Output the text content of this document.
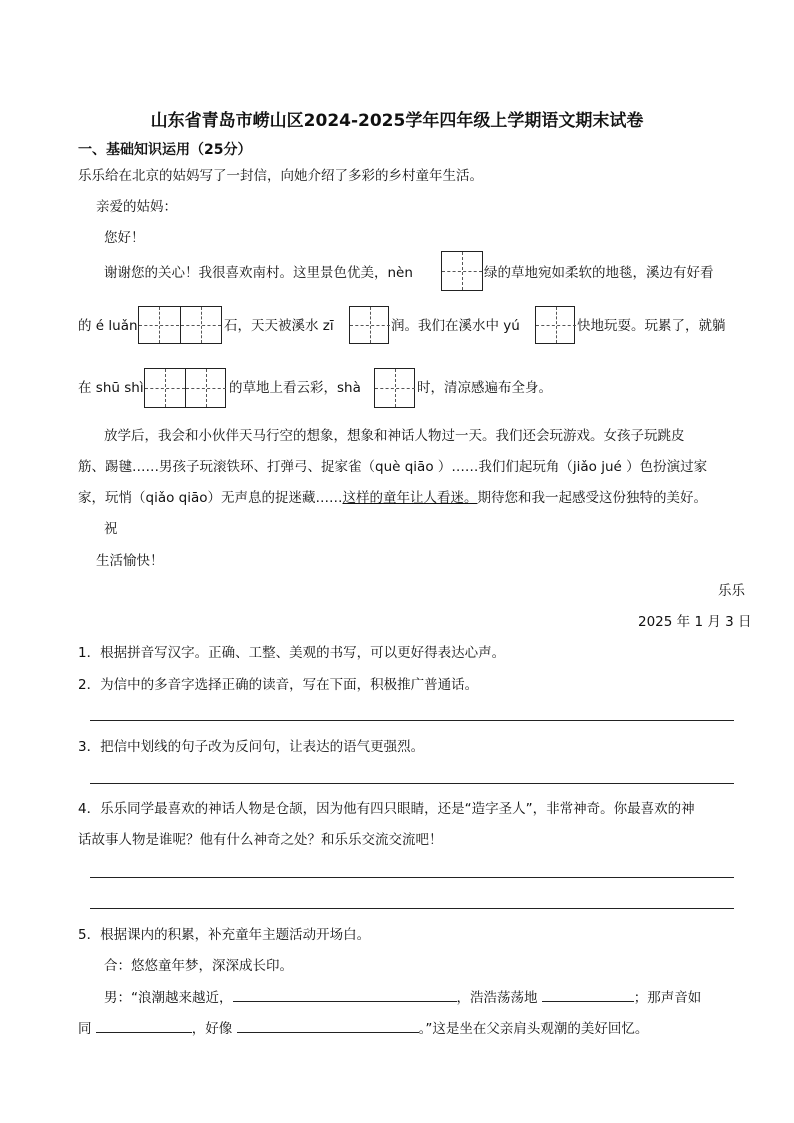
山东省青岛市崂山区2024-2025学年四年级上学期语文期末试卷
一、基础知识运用（25分）
乐乐给在北京的姑妈写了一封信，向她介绍了多彩的乡村童年生活。
亲爱的姑妈：
您好！
谢谢您的关心！我很喜欢南村。这里景色优美，nèn	绿的草地宛如柔软的地毯，溪边有好看
的 é luǎn	石，天天被溪水 zī	润。我们在溪水中 yú	快地玩耍。玩累了，就躺
在 shū shì	的草地上看云彩，shà	时，清凉感遍布全身。
放学后，我会和小伙伴天马行空的想象，想象和神话人物过一天。我们还会玩游戏。女孩子玩跳皮
筋、踢毽……男孩子玩滚铁环、打弹弓、捉家雀（què qiāo ）……我们们起玩角（jiǎo jué ）色扮演过家
家，玩悄（qiǎo qiāo）无声息的捉迷藏……这样的童年让人看迷。期待您和我一起感受这份独特的美好。
祝
生活愉快！
乐乐
2025 年 1 月 3 日
1．根据拼音写汉字。正确、工整、美观的书写，可以更好得表达心声。
2．为信中的多音字选择正确的读音，写在下面，积极推广普通话。
3．把信中划线的句子改为反问句，让表达的语气更强烈。
4．乐乐同学最喜欢的神话人物是仓颉，因为他有四只眼睛，还是“造字圣人”，非常神奇。你最喜欢的神
话故事人物是谁呢？他有什么神奇之处？和乐乐交流交流吧！
5．根据课内的积累，补充童年主题活动开场白。
合：悠悠童年梦，深深成长印。
男：“浪潮越来越近，	，浩浩荡荡地	；那声音如
同	，好像	。”这是坐在父亲肩头观潮的美好回忆。
